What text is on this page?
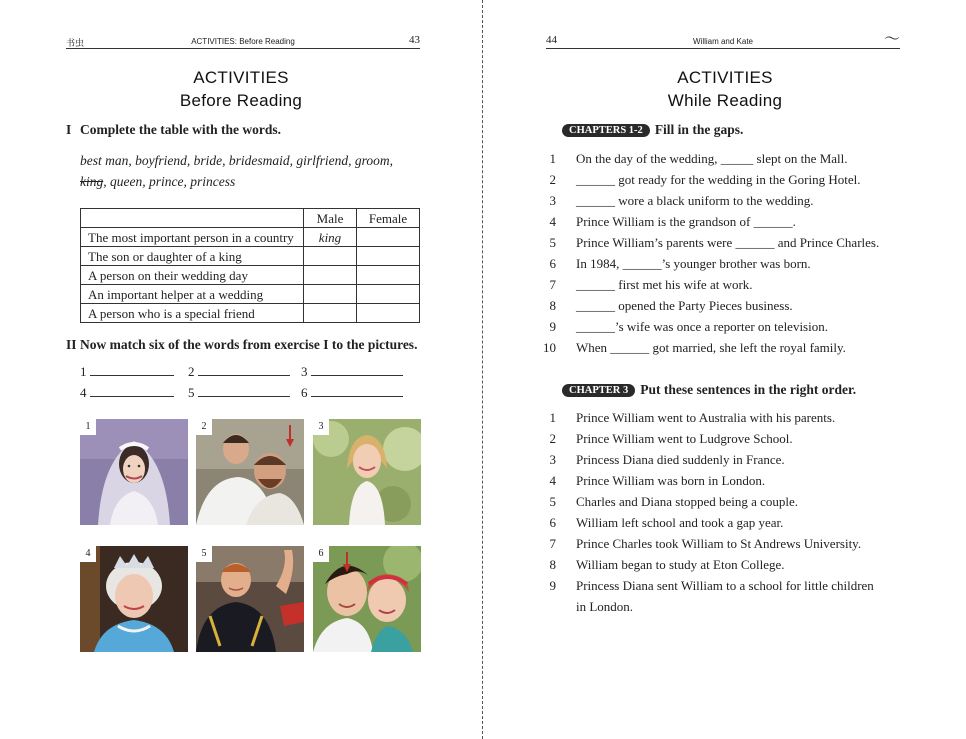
书虫	ACTIVITIES: Before Reading	43
ACTIVITIES
Before Reading
I Complete the table with the words.
best man, boyfriend, bride, bridesmaid, girlfriend, groom,
king, queen, prince, princess
	Male	Female
The most important person in a country	king	
The son or daughter of a king		
A person on their wedding day		
An important helper at a wedding		
A person who is a special friend		
II Now match six of the words from exercise I to the pictures.
1	2	3
4	5	6
1	2	3
4	5	6
44	William and Kate	〜
ACTIVITIES
While Reading
CHAPTERS 1-2 Fill in the gaps.
1 On the day of the wedding, _____ slept on the Mall.
2 ______ got ready for the wedding in the Goring Hotel.
3 ______ wore a black uniform to the wedding.
4 Prince William is the grandson of ______.
5 Prince William’s parents were ______ and Prince Charles.
6 In 1984, ______’s younger brother was born.
7 ______ first met his wife at work.
8 ______ opened the Party Pieces business.
9 ______’s wife was once a reporter on television.
10 When ______ got married, she left the royal family.
CHAPTER 3 Put these sentences in the right order.
1 Prince William went to Australia with his parents.
2 Prince William went to Ludgrove School.
3 Princess Diana died suddenly in France.
4 Prince William was born in London.
5 Charles and Diana stopped being a couple.
6 William left school and took a gap year.
7 Prince Charles took William to St Andrews University.
8 William began to study at Eton College.
9 Princess Diana sent William to a school for little children in London.
